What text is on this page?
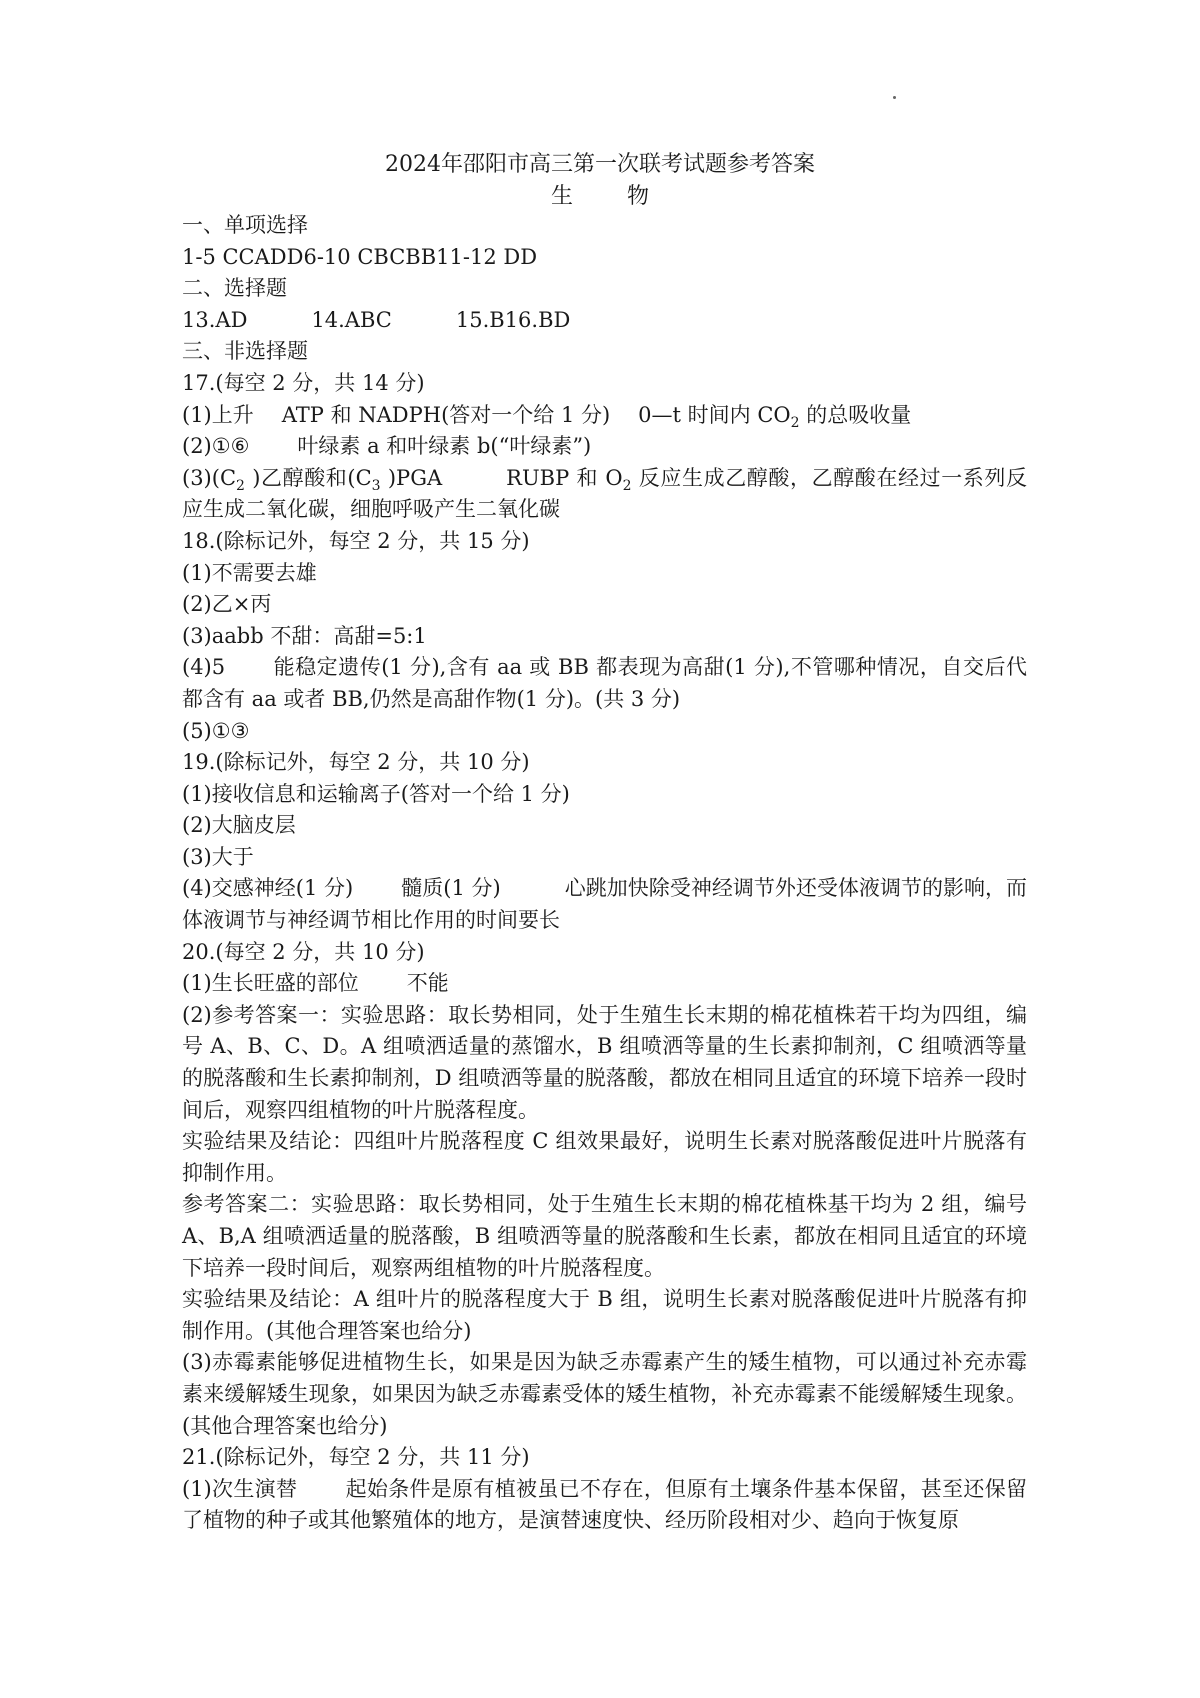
2024年邵阳市高三第一次联考试题参考答案
生　物

一、单项选择

1-5 CCADD6-10 CBCBB11-12 DD

二、选择题

13.AD	14.ABC	15.B16.BD

三、非选择题

17.(每空 2 分，共 14 分)

(1)上升 ATP 和 NADPH(答对一个给 1 分) 0—t 时间内 $CO_2$ 的总吸收量

(2)①⑥ 叶绿素 a 和叶绿素 b(“叶绿素”)

$(3)(C_2$ )乙醇酸和($C_3$ )PGA	RUBP 和 $O_2$ 反应生成乙醇酸，乙醇酸在经过一系列反应生成二氧化碳，细胞呼吸产生二氧化碳

18.(除标记外，每空 2 分，共 15 分)

(1)不需要去雄

(2)乙×丙

(3)aabb 不甜：高甜=5:1

(4)5 能稳定遗传(1 分),含有 aa 或 BB 都表现为高甜(1 分),不管哪种情况，自交后代都含有 aa 或者 BB,仍然是高甜作物(1 分)。(共 3 分)

(5)①③

19.(除标记外，每空 2 分，共 10 分)

(1)接收信息和运输离子(答对一个给 1 分)

(2)大脑皮层

(3)大于

(4)交感神经(1 分) 髓质(1 分)	心跳加快除受神经调节外还受体液调节的影响，而体液调节与神经调节相比作用的时间要长

20.(每空 2 分，共 10 分)

(1)生长旺盛的部位 不能

(2)参考答案一：实验思路：取长势相同，处于生殖生长末期的棉花植株若干均为四组，编号 A、B、C、D。A 组喷洒适量的蒸馏水，B 组喷洒等量的生长素抑制剂，C 组喷洒等量的脱落酸和生长素抑制剂，D 组喷洒等量的脱落酸，都放在相同且适宜的环境下培养一段时间后，观察四组植物的叶片脱落程度。

实验结果及结论：四组叶片脱落程度 C 组效果最好，说明生长素对脱落酸促进叶片脱落有抑制作用。

参考答案二：实验思路：取长势相同，处于生殖生长末期的棉花植株基干均为 2 组，编号 A、B,A 组喷洒适量的脱落酸，B 组喷洒等量的脱落酸和生长素，都放在相同且适宜的环境下培养一段时间后，观察两组植物的叶片脱落程度。

实验结果及结论：A 组叶片的脱落程度大于 B 组，说明生长素对脱落酸促进叶片脱落有抑制作用。(其他合理答案也给分)

(3)赤霉素能够促进植物生长，如果是因为缺乏赤霉素产生的矮生植物，可以通过补充赤霉素来缓解矮生现象，如果因为缺乏赤霉素受体的矮生植物，补充赤霉素不能缓解矮生现象。(其他合理答案也给分)

21.(除标记外，每空 2 分，共 11 分)

(1)次生演替 起始条件是原有植被虽已不存在，但原有土壤条件基本保留，甚至还保留了植物的种子或其他繁殖体的地方，是演替速度快、经历阶段相对少、趋向于恢复原
